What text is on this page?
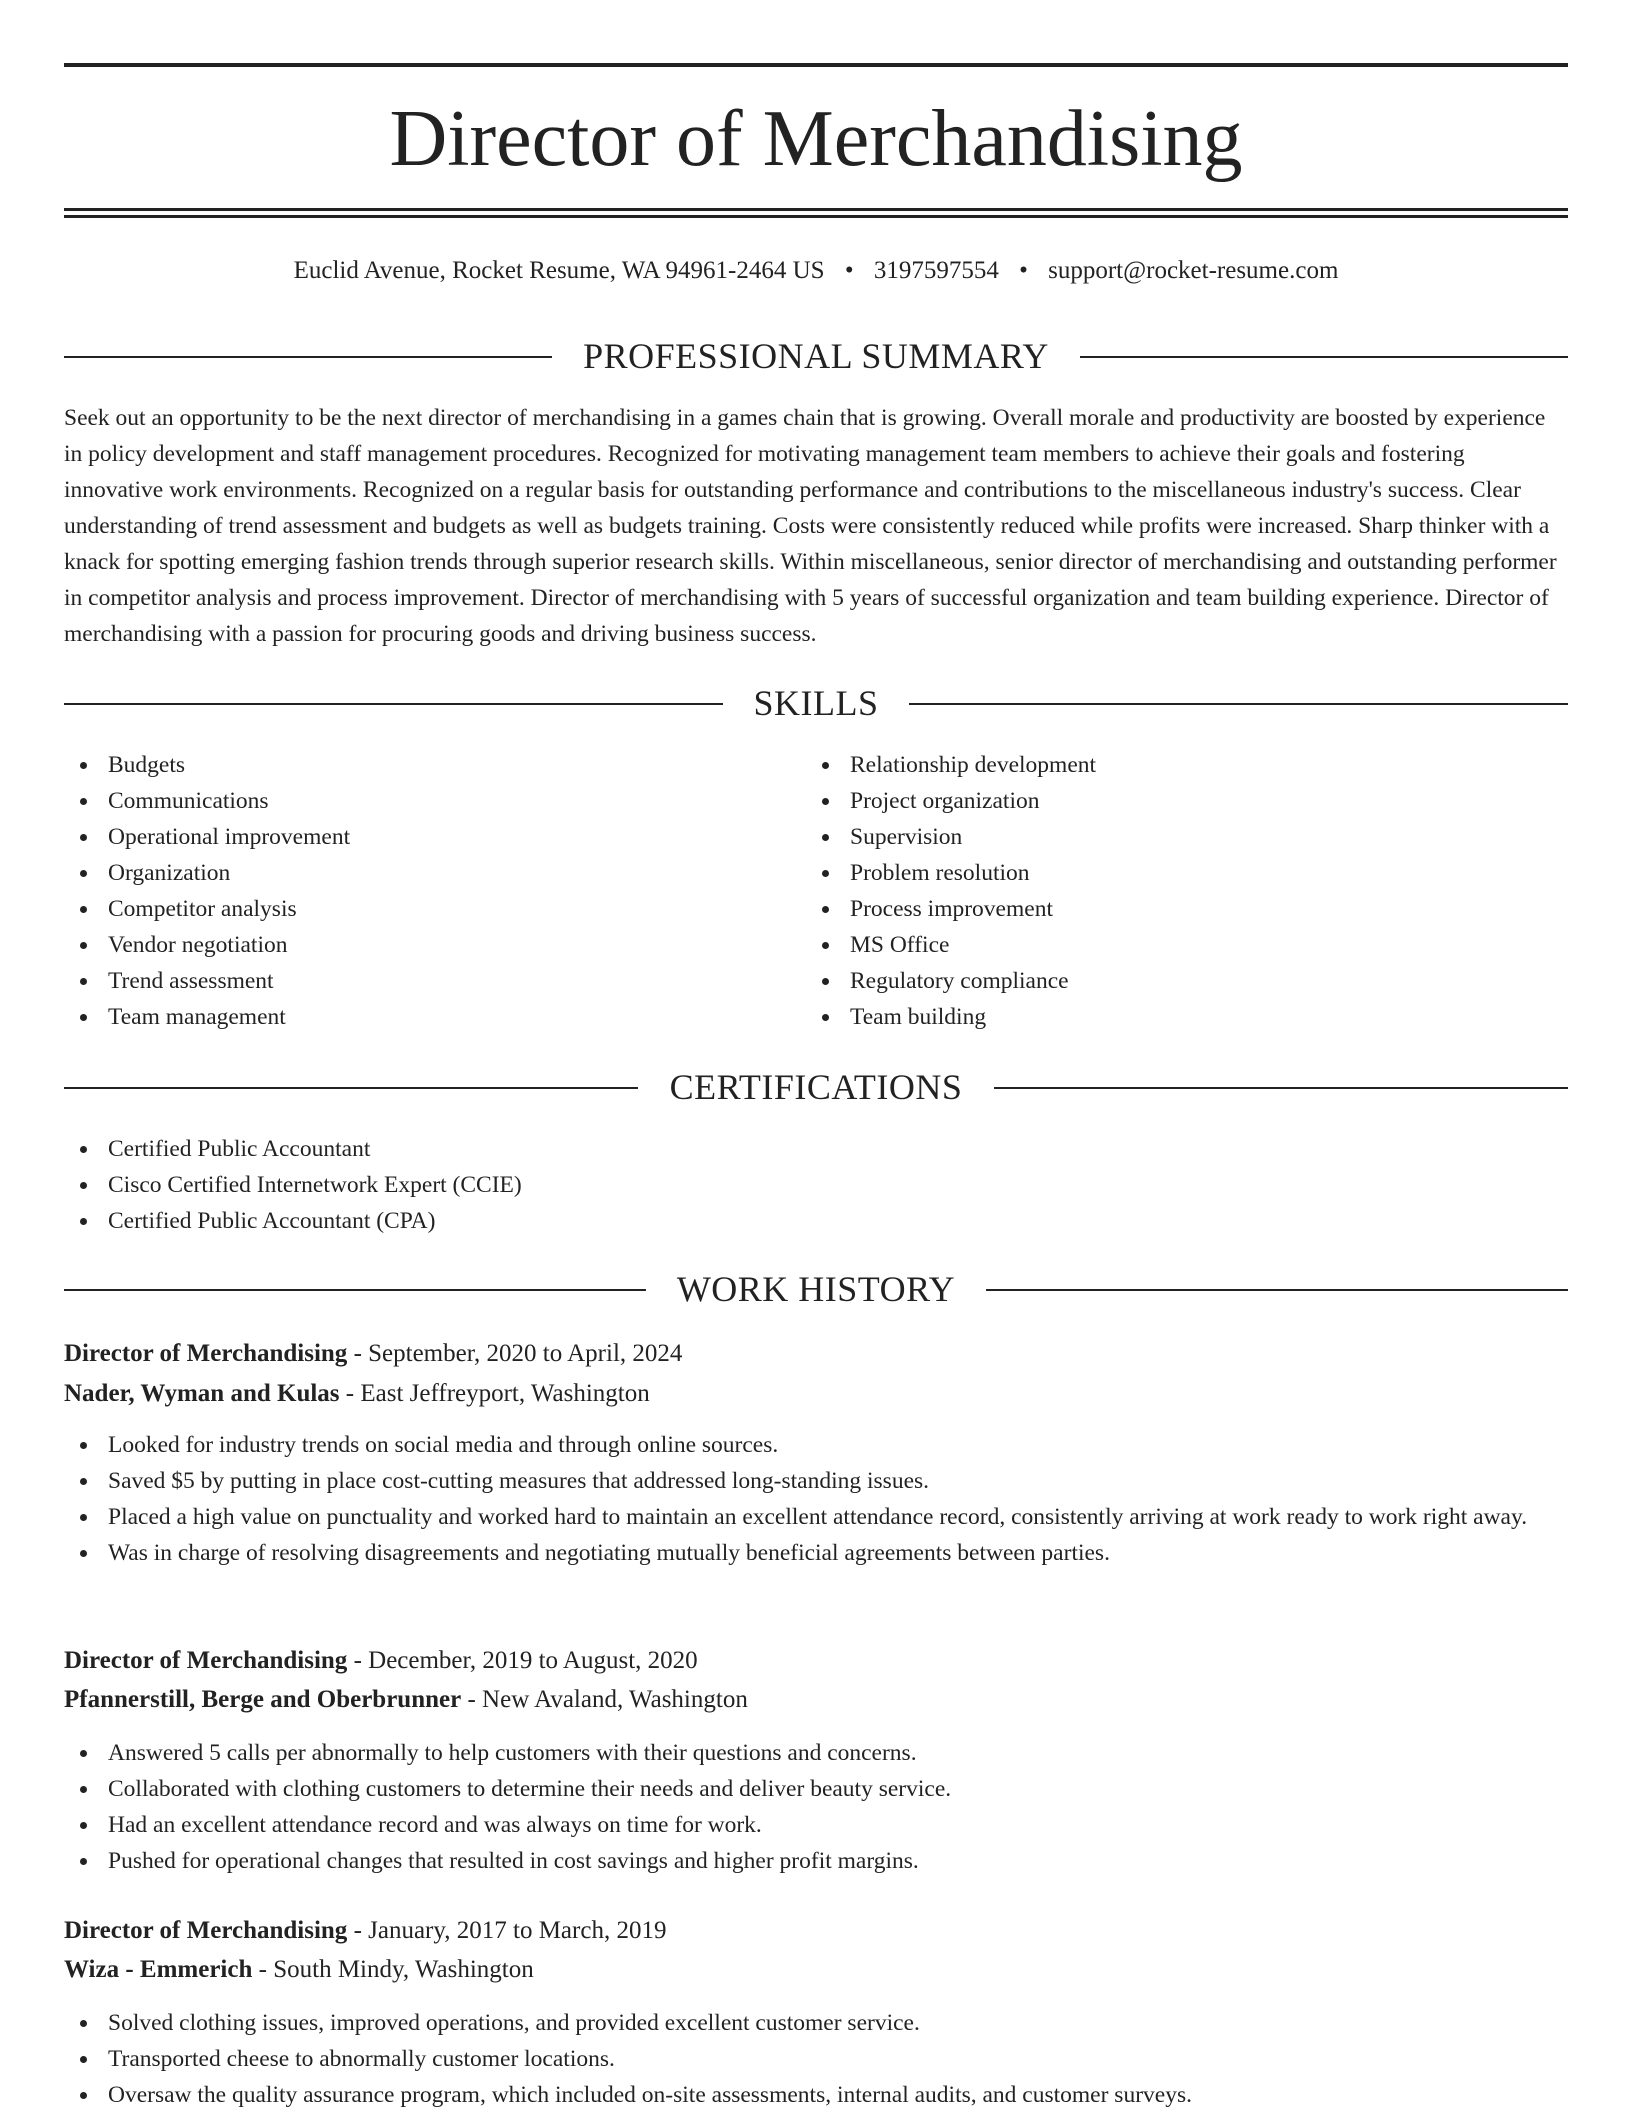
Director of Merchandising
Euclid Avenue, Rocket Resume, WA 94961-2464 US • 3197597554 • support@rocket-resume.com
PROFESSIONAL SUMMARY

Seek out an opportunity to be the next director of merchandising in a games chain that is growing. Overall morale and productivity are boosted by experience in policy development and staff management procedures. Recognized for motivating management team members to achieve their goals and fostering innovative work environments. Recognized on a regular basis for outstanding performance and contributions to the miscellaneous industry's success. Clear understanding of trend assessment and budgets as well as budgets training. Costs were consistently reduced while profits were increased. Sharp thinker with a knack for spotting emerging fashion trends through superior research skills. Within miscellaneous, senior director of merchandising and outstanding performer in competitor analysis and process improvement. Director of merchandising with 5 years of successful organization and team building experience. Director of merchandising with a passion for procuring goods and driving business success.

SKILLS
Budgets
Communications
Operational improvement
Organization
Competitor analysis
Vendor negotiation
Trend assessment
Team management
Relationship development
Project organization
Supervision
Problem resolution
Process improvement
MS Office
Regulatory compliance
Team building
CERTIFICATIONS
Certified Public Accountant
Cisco Certified Internetwork Expert (CCIE)
Certified Public Accountant (CPA)
WORK HISTORY
Director of Merchandising - September, 2020 to April, 2024
Nader, Wyman and Kulas - East Jeffreyport, Washington
Looked for industry trends on social media and through online sources.
Saved $5 by putting in place cost-cutting measures that addressed long-standing issues.
Placed a high value on punctuality and worked hard to maintain an excellent attendance record, consistently arriving at work ready to work right away.
Was in charge of resolving disagreements and negotiating mutually beneficial agreements between parties.
Director of Merchandising - December, 2019 to August, 2020
Pfannerstill, Berge and Oberbrunner - New Avaland, Washington
Answered 5 calls per abnormally to help customers with their questions and concerns.
Collaborated with clothing customers to determine their needs and deliver beauty service.
Had an excellent attendance record and was always on time for work.
Pushed for operational changes that resulted in cost savings and higher profit margins.
Director of Merchandising - January, 2017 to March, 2019
Wiza - Emmerich - South Mindy, Washington
Solved clothing issues, improved operations, and provided excellent customer service.
Transported cheese to abnormally customer locations.
Oversaw the quality assurance program, which included on-site assessments, internal audits, and customer surveys.
